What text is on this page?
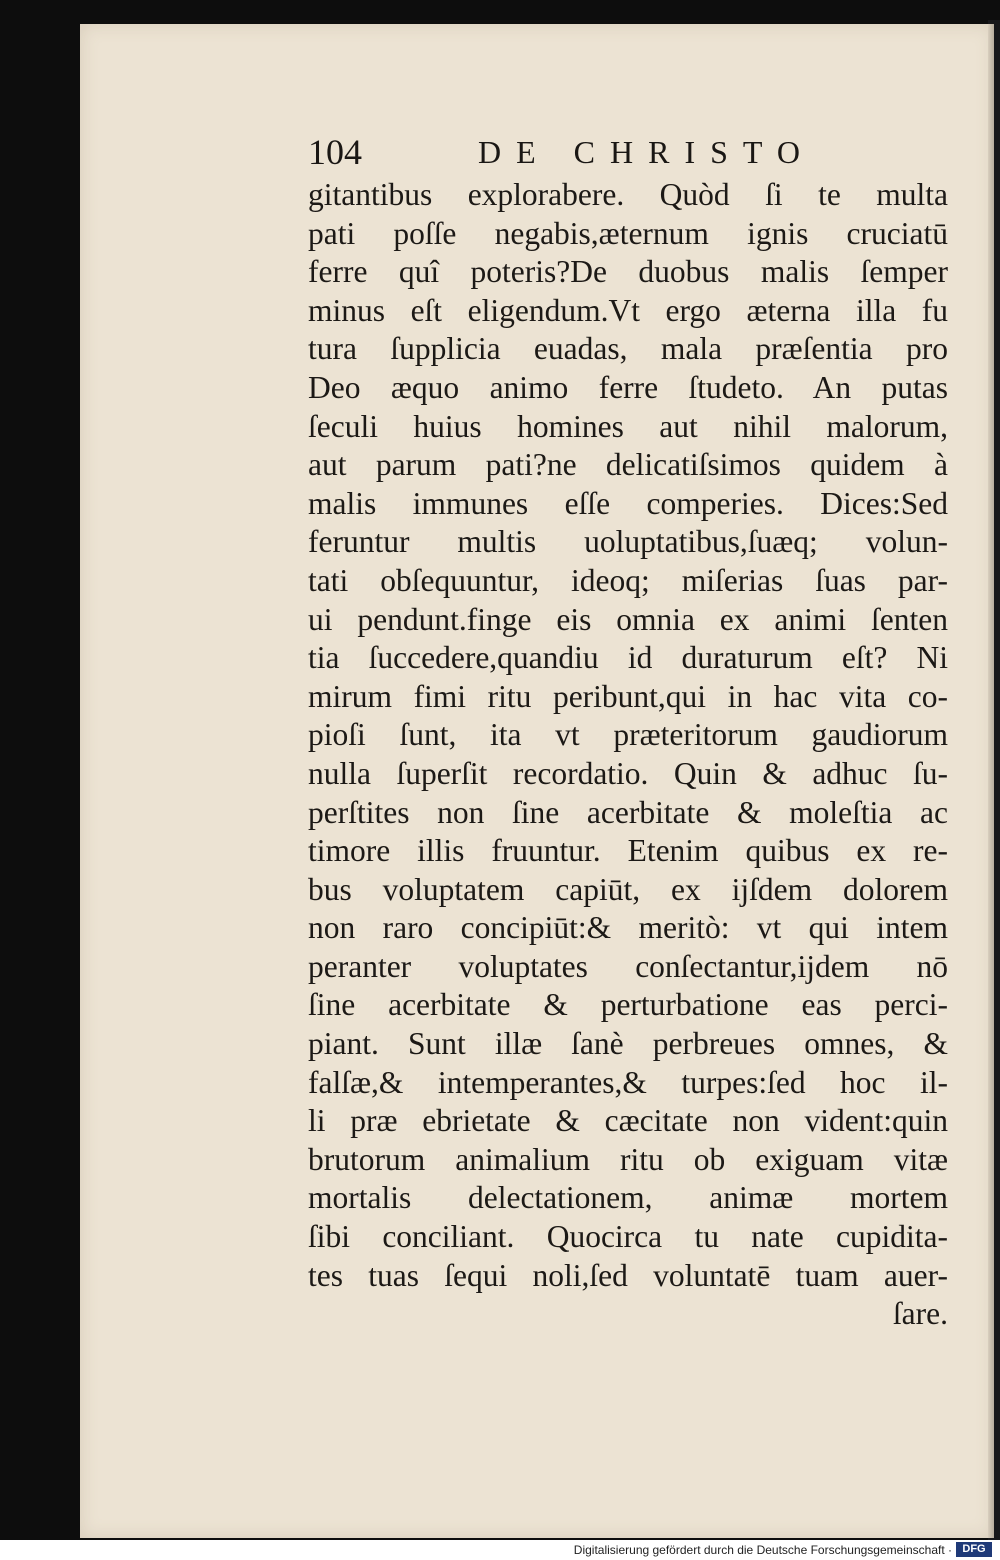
104	DE CHRISTO
gitantibus explorabere. Quòd ſi te multa
pati poſſe negabis,æternum ignis cruciatū
ferre quî poteris?De duobus malis ſemper
minus eſt eligendum.Vt ergo æterna illa fu
tura ſupplicia euadas, mala præſentia pro
Deo æquo animo ferre ſtudeto. An putas
ſeculi huius homines aut nihil malorum,
aut parum pati?ne delicatiſsimos quidem à
malis immunes eſſe comperies. Dices:Sed
feruntur multis uoluptatibus,ſuæq; volun-
tati obſequuntur, ideoq; miſerias ſuas par-
ui pendunt.finge eis omnia ex animi ſenten
tia ſuccedere,quandiu id duraturum eſt? Ni
mirum fimi ritu peribunt,qui in hac vita co-
pioſi ſunt, ita vt præteritorum gaudiorum
nulla ſuperſit recordatio. Quin & adhuc ſu-
perſtites non ſine acerbitate & moleſtia ac
timore illis fruuntur. Etenim quibus ex re-
bus voluptatem capiūt, ex ijſdem dolorem
non raro concipiūt:& meritò: vt qui intem
peranter voluptates conſectantur,ijdem nō
ſine acerbitate & perturbatione eas perci-
piant. Sunt illæ ſanè perbreues omnes, &
falſæ,& intemperantes,& turpes:ſed hoc il-
li præ ebrietate & cæcitate non vident:quin
brutorum animalium ritu ob exiguam vitæ
mortalis delectationem, animæ mortem
ſibi conciliant. Quocirca tu nate cupidita-
tes tuas ſequi noli,ſed voluntatē tuam auer-
ſare.
Digitalisierung gefördert durch die Deutsche Forschungsgemeinschaft · DFG
